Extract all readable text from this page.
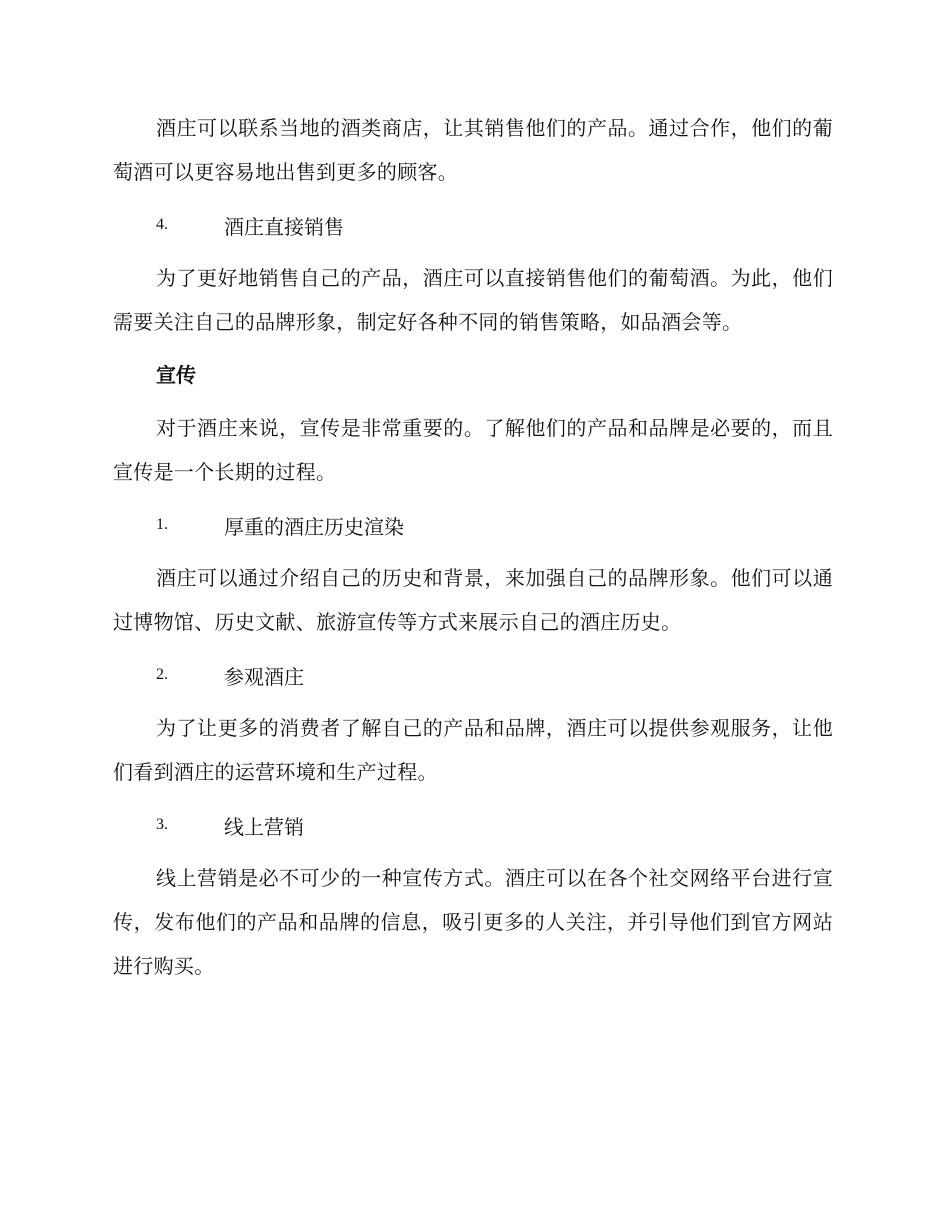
酒庄可以联系当地的酒类商店，让其销售他们的产品。通过合作，他们的葡萄酒可以更容易地出售到更多的顾客。

4.	酒庄直接销售

为了更好地销售自己的产品，酒庄可以直接销售他们的葡萄酒。为此，他们需要关注自己的品牌形象，制定好各种不同的销售策略，如品酒会等。

宣传

对于酒庄来说，宣传是非常重要的。了解他们的产品和品牌是必要的，而且宣传是一个长期的过程。

1.	厚重的酒庄历史渲染

酒庄可以通过介绍自己的历史和背景，来加强自己的品牌形象。他们可以通过博物馆、历史文献、旅游宣传等方式来展示自己的酒庄历史。

2.	参观酒庄

为了让更多的消费者了解自己的产品和品牌，酒庄可以提供参观服务，让他们看到酒庄的运营环境和生产过程。

3.	线上营销

线上营销是必不可少的一种宣传方式。酒庄可以在各个社交网络平台进行宣传，发布他们的产品和品牌的信息，吸引更多的人关注，并引导他们到官方网站进行购买。
